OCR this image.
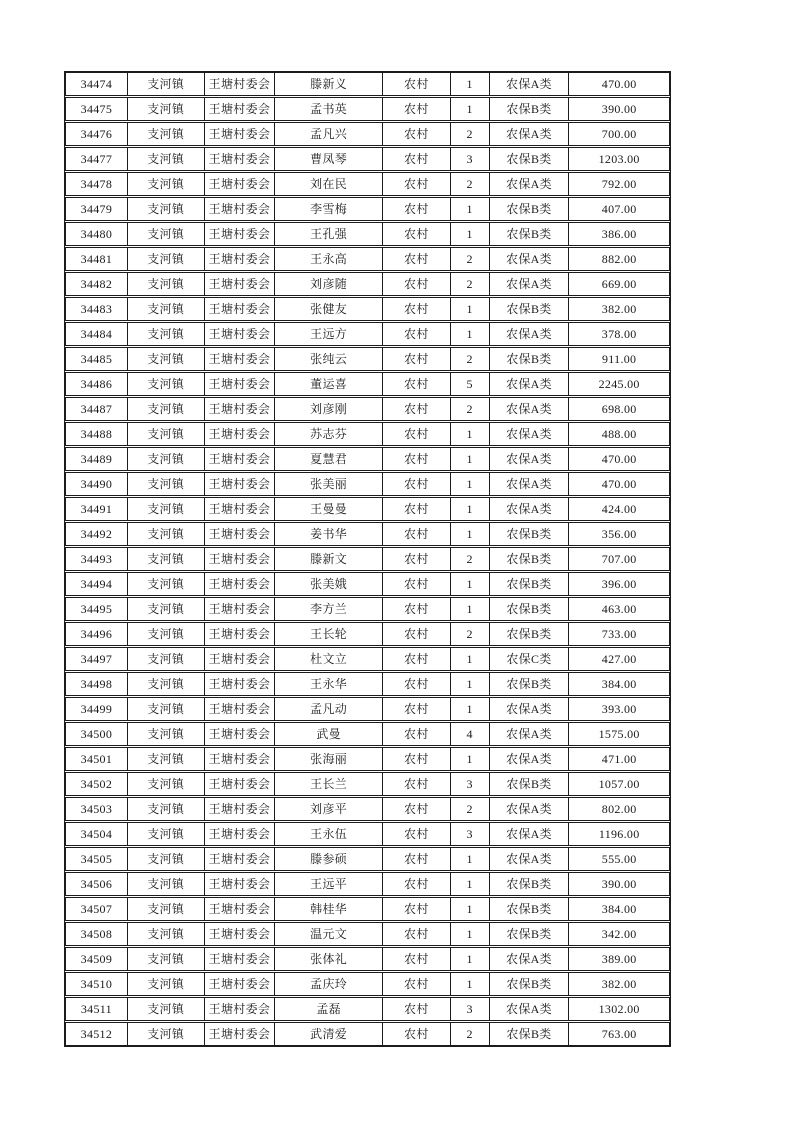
34474	支河镇	王塘村委会	滕新义	农村	1	农保A类	470.00
34475	支河镇	王塘村委会	孟书英	农村	1	农保B类	390.00
34476	支河镇	王塘村委会	孟凡兴	农村	2	农保A类	700.00
34477	支河镇	王塘村委会	曹凤琴	农村	3	农保B类	1203.00
34478	支河镇	王塘村委会	刘在民	农村	2	农保A类	792.00
34479	支河镇	王塘村委会	李雪梅	农村	1	农保B类	407.00
34480	支河镇	王塘村委会	王孔强	农村	1	农保B类	386.00
34481	支河镇	王塘村委会	王永高	农村	2	农保A类	882.00
34482	支河镇	王塘村委会	刘彦随	农村	2	农保A类	669.00
34483	支河镇	王塘村委会	张健友	农村	1	农保B类	382.00
34484	支河镇	王塘村委会	王远方	农村	1	农保A类	378.00
34485	支河镇	王塘村委会	张纯云	农村	2	农保B类	911.00
34486	支河镇	王塘村委会	董运喜	农村	5	农保A类	2245.00
34487	支河镇	王塘村委会	刘彦刚	农村	2	农保A类	698.00
34488	支河镇	王塘村委会	苏志芬	农村	1	农保A类	488.00
34489	支河镇	王塘村委会	夏慧君	农村	1	农保A类	470.00
34490	支河镇	王塘村委会	张美丽	农村	1	农保A类	470.00
34491	支河镇	王塘村委会	王曼曼	农村	1	农保A类	424.00
34492	支河镇	王塘村委会	姜书华	农村	1	农保B类	356.00
34493	支河镇	王塘村委会	滕新文	农村	2	农保B类	707.00
34494	支河镇	王塘村委会	张美娥	农村	1	农保B类	396.00
34495	支河镇	王塘村委会	李方兰	农村	1	农保B类	463.00
34496	支河镇	王塘村委会	王长轮	农村	2	农保B类	733.00
34497	支河镇	王塘村委会	杜文立	农村	1	农保C类	427.00
34498	支河镇	王塘村委会	王永华	农村	1	农保B类	384.00
34499	支河镇	王塘村委会	孟凡动	农村	1	农保A类	393.00
34500	支河镇	王塘村委会	武曼	农村	4	农保A类	1575.00
34501	支河镇	王塘村委会	张海丽	农村	1	农保A类	471.00
34502	支河镇	王塘村委会	王长兰	农村	3	农保B类	1057.00
34503	支河镇	王塘村委会	刘彦平	农村	2	农保A类	802.00
34504	支河镇	王塘村委会	王永伍	农村	3	农保A类	1196.00
34505	支河镇	王塘村委会	滕参硕	农村	1	农保A类	555.00
34506	支河镇	王塘村委会	王远平	农村	1	农保B类	390.00
34507	支河镇	王塘村委会	韩桂华	农村	1	农保B类	384.00
34508	支河镇	王塘村委会	温元文	农村	1	农保B类	342.00
34509	支河镇	王塘村委会	张体礼	农村	1	农保A类	389.00
34510	支河镇	王塘村委会	孟庆玲	农村	1	农保B类	382.00
34511	支河镇	王塘村委会	孟磊	农村	3	农保A类	1302.00
34512	支河镇	王塘村委会	武清爱	农村	2	农保B类	763.00
